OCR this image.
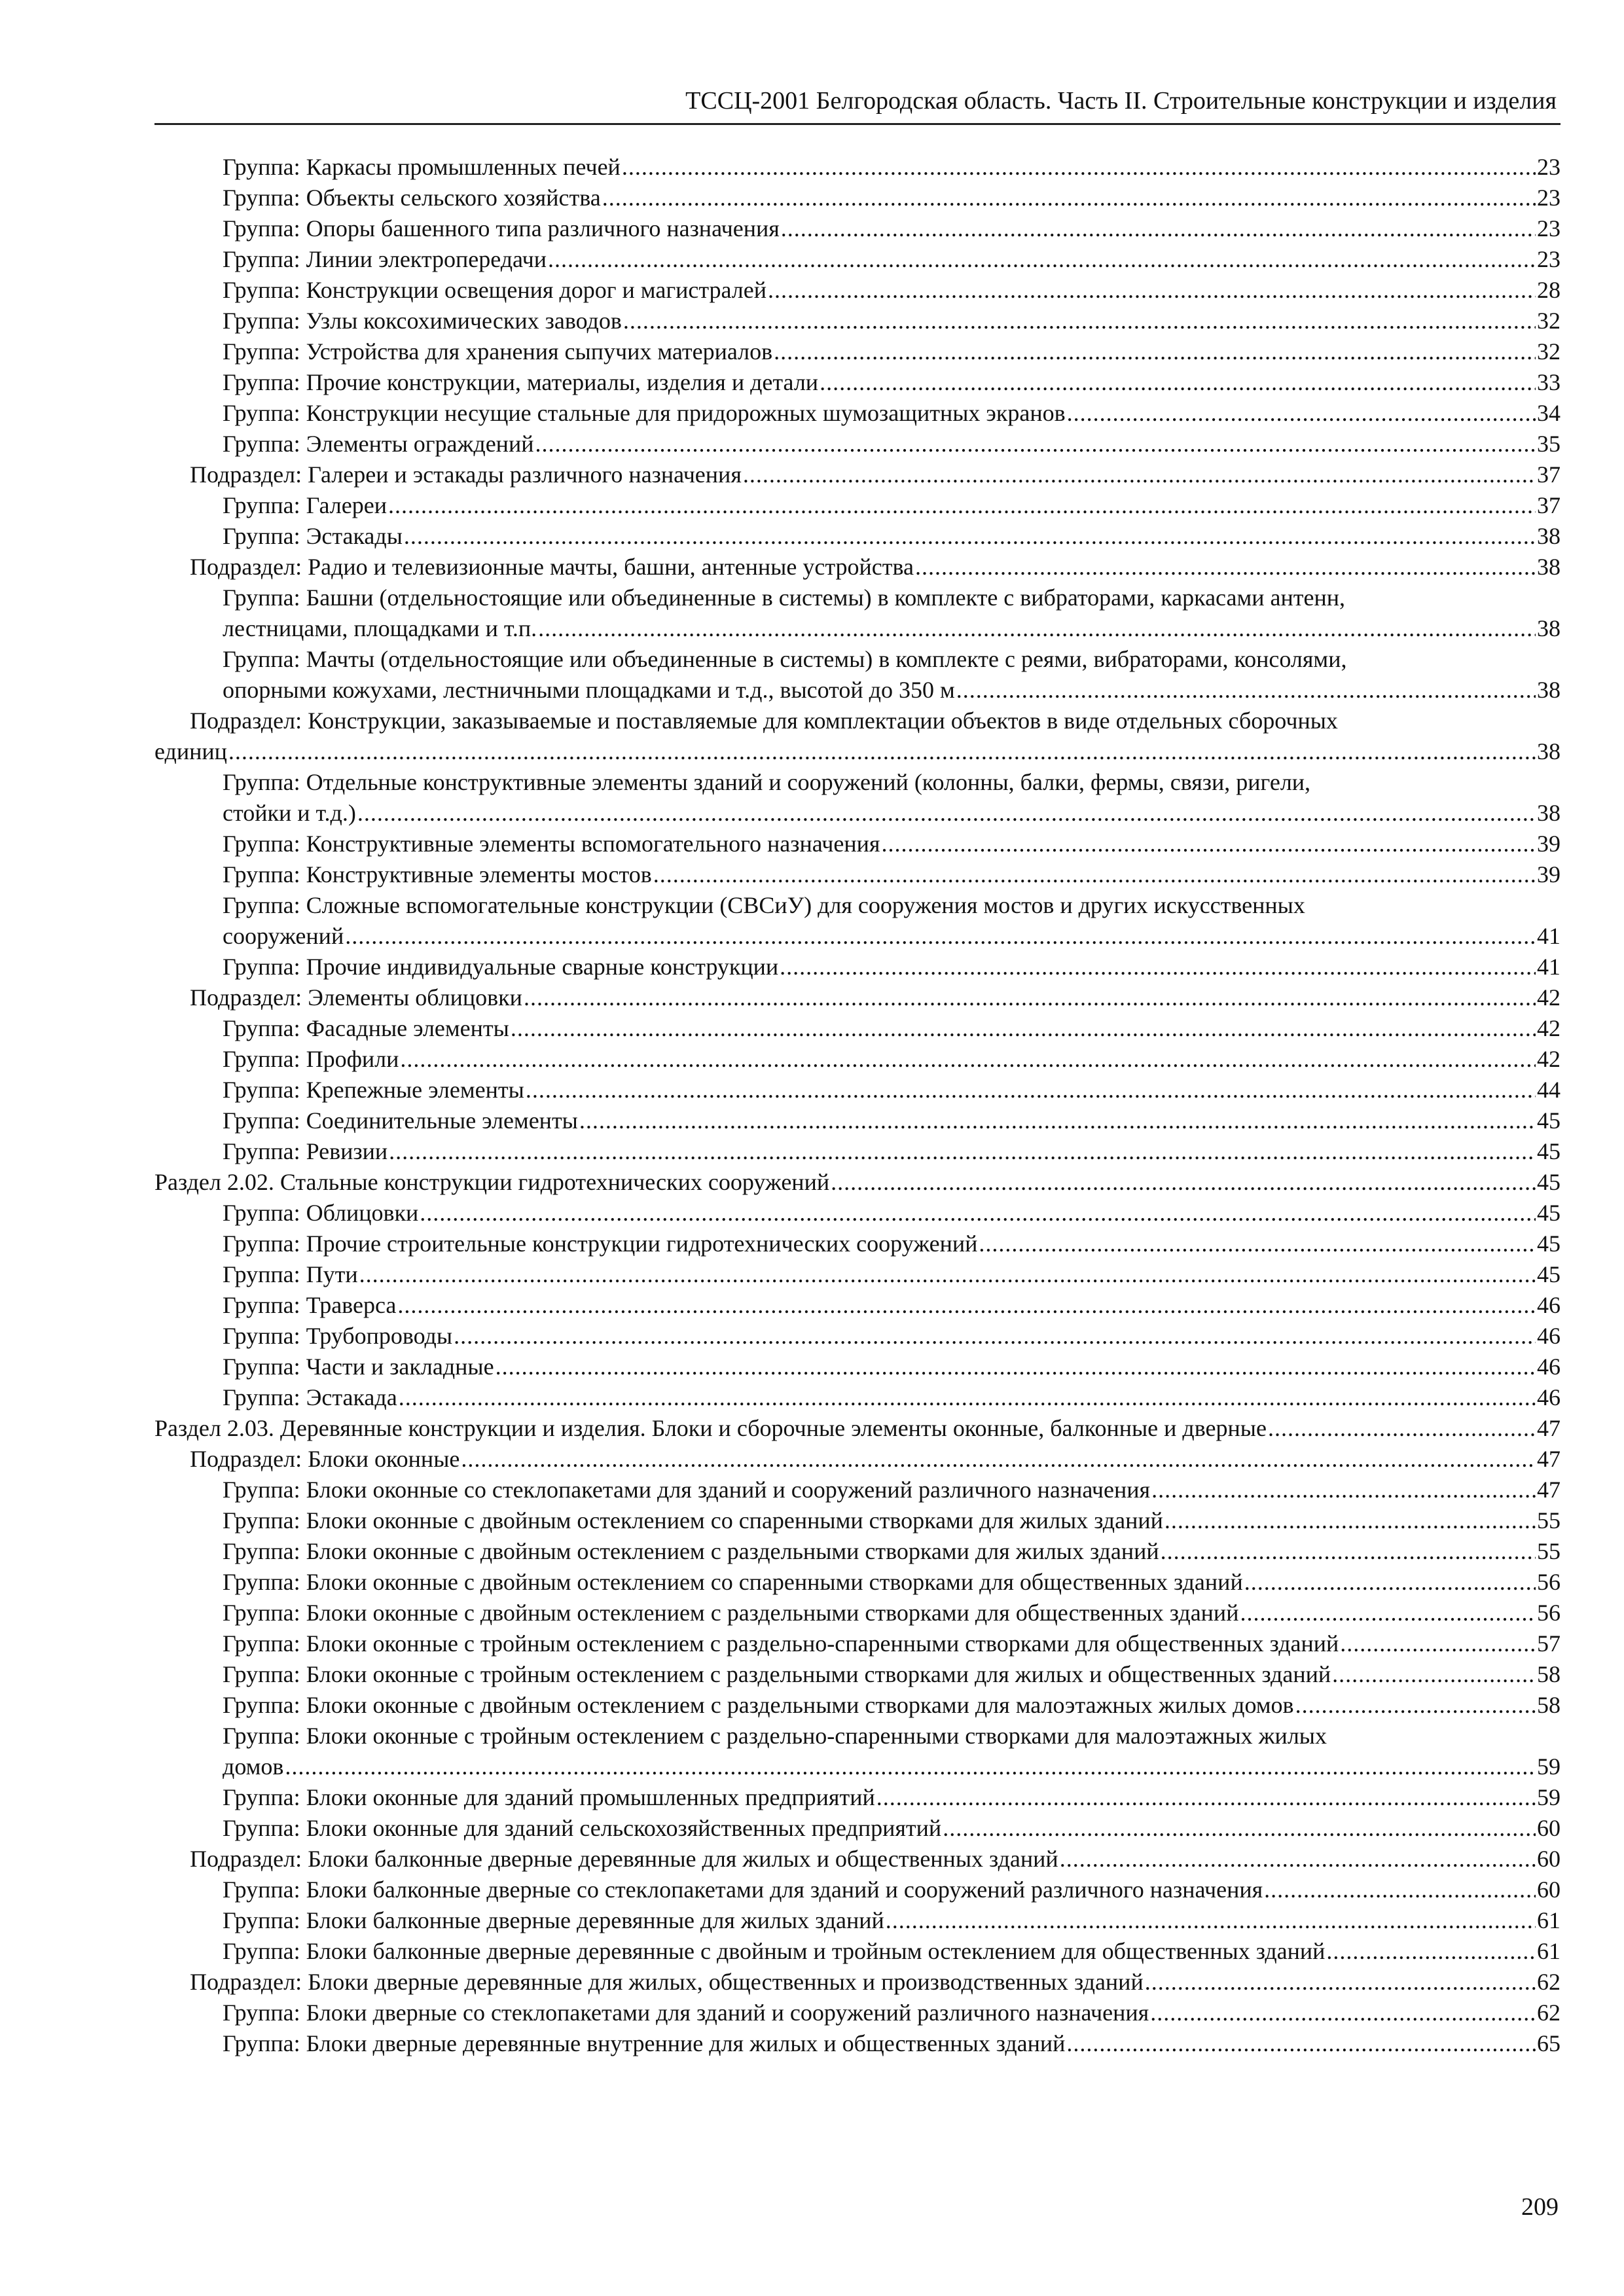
ТССЦ-2001 Белгородская область. Часть II. Строительные конструкции и изделия
Группа: Каркасы промышленных печей .....	23
Группа: Объекты сельского хозяйства .....	23
Группа: Опоры башенного типа различного назначения .....	23
Группа: Линии электропередачи .....	23
Группа: Конструкции освещения дорог и магистралей .....	28
Группа: Узлы коксохимических заводов .....	32
Группа: Устройства для хранения сыпучих материалов .....	32
Группа: Прочие конструкции, материалы, изделия и детали .....	33
Группа: Конструкции несущие стальные для придорожных шумозащитных экранов .....	34
Группа: Элементы ограждений .....	35
Подраздел: Галереи и эстакады различного назначения .....	37
Группа: Галереи .....	37
Группа: Эстакады .....	38
Подраздел: Радио и телевизионные мачты, башни, антенные устройства .....	38
Группа: Башни (отдельностоящие или объединенные в системы) в комплекте с вибраторами, каркасами антенн,
лестницами, площадками и т.п. .....	38
Группа: Мачты (отдельностоящие или объединенные в системы) в комплекте с реями, вибраторами, консолями,
опорными кожухами, лестничными площадками и т.д., высотой до 350 м .....	38
Подраздел: Конструкции, заказываемые и поставляемые для комплектации объектов в виде отдельных сборочных
единиц .....	38
Группа: Отдельные конструктивные элементы зданий и сооружений (колонны, балки, фермы, связи, ригели,
стойки и т.д.) .....	38
Группа: Конструктивные элементы вспомогательного назначения .....	39
Группа: Конструктивные элементы мостов .....	39
Группа: Сложные вспомогательные конструкции (СВСиУ) для сооружения мостов и других искусственных
сооружений .....	41
Группа: Прочие индивидуальные сварные конструкции .....	41
Подраздел: Элементы облицовки .....	42
Группа: Фасадные элементы .....	42
Группа: Профили .....	42
Группа: Крепежные элементы .....	44
Группа: Соединительные элементы .....	45
Группа: Ревизии .....	45
Раздел 2.02. Стальные конструкции гидротехнических сооружений .....	45
Группа: Облицовки .....	45
Группа: Прочие строительные конструкции гидротехнических сооружений .....	45
Группа: Пути .....	45
Группа: Траверса .....	46
Группа: Трубопроводы .....	46
Группа: Части и закладные .....	46
Группа: Эстакада .....	46
Раздел 2.03. Деревянные конструкции и изделия. Блоки и сборочные элементы оконные, балконные и дверные .....	47
Подраздел: Блоки оконные .....	47
Группа: Блоки оконные со стеклопакетами для зданий и сооружений различного назначения .....	47
Группа: Блоки оконные с двойным остеклением со спаренными створками для жилых зданий .....	55
Группа: Блоки оконные с двойным остеклением с раздельными створками для жилых зданий .....	55
Группа: Блоки оконные с двойным остеклением со спаренными створками для общественных зданий .....	56
Группа: Блоки оконные с двойным остеклением с раздельными створками для общественных зданий .....	56
Группа: Блоки оконные с тройным остеклением с раздельно-спаренными створками для общественных зданий .....	57
Группа: Блоки оконные с тройным остеклением с раздельными створками для жилых и общественных зданий .....	58
Группа: Блоки оконные с двойным остеклением с раздельными створками для малоэтажных жилых домов .....	58
Группа: Блоки оконные с тройным остеклением с раздельно-спаренными створками для малоэтажных жилых
домов .....	59
Группа: Блоки оконные для зданий промышленных предприятий .....	59
Группа: Блоки оконные для зданий сельскохозяйственных предприятий .....	60
Подраздел: Блоки балконные дверные деревянные для жилых и общественных зданий .....	60
Группа: Блоки балконные дверные со стеклопакетами для зданий и сооружений различного назначения .....	60
Группа: Блоки балконные дверные деревянные для жилых зданий .....	61
Группа: Блоки балконные дверные деревянные с двойным и тройным остеклением для общественных зданий .....	61
Подраздел: Блоки дверные деревянные для жилых, общественных и производственных зданий .....	62
Группа: Блоки дверные со стеклопакетами для зданий и сооружений различного назначения .....	62
Группа: Блоки дверные деревянные внутренние для жилых и общественных зданий .....	65
209
